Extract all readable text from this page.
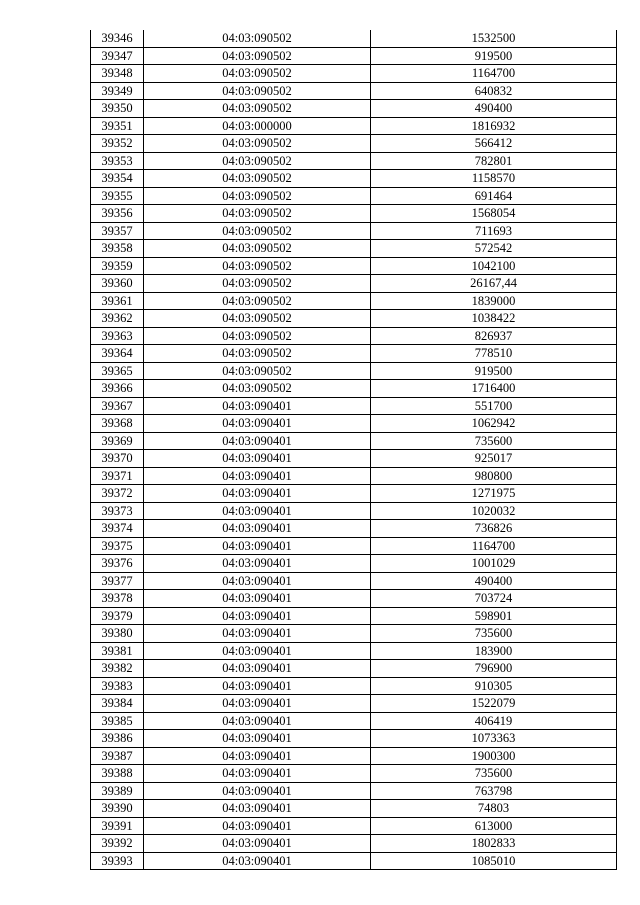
39346	04:03:090502	1532500
39347	04:03:090502	919500
39348	04:03:090502	1164700
39349	04:03:090502	640832
39350	04:03:090502	490400
39351	04:03:000000	1816932
39352	04:03:090502	566412
39353	04:03:090502	782801
39354	04:03:090502	1158570
39355	04:03:090502	691464
39356	04:03:090502	1568054
39357	04:03:090502	711693
39358	04:03:090502	572542
39359	04:03:090502	1042100
39360	04:03:090502	26167,44
39361	04:03:090502	1839000
39362	04:03:090502	1038422
39363	04:03:090502	826937
39364	04:03:090502	778510
39365	04:03:090502	919500
39366	04:03:090502	1716400
39367	04:03:090401	551700
39368	04:03:090401	1062942
39369	04:03:090401	735600
39370	04:03:090401	925017
39371	04:03:090401	980800
39372	04:03:090401	1271975
39373	04:03:090401	1020032
39374	04:03:090401	736826
39375	04:03:090401	1164700
39376	04:03:090401	1001029
39377	04:03:090401	490400
39378	04:03:090401	703724
39379	04:03:090401	598901
39380	04:03:090401	735600
39381	04:03:090401	183900
39382	04:03:090401	796900
39383	04:03:090401	910305
39384	04:03:090401	1522079
39385	04:03:090401	406419
39386	04:03:090401	1073363
39387	04:03:090401	1900300
39388	04:03:090401	735600
39389	04:03:090401	763798
39390	04:03:090401	74803
39391	04:03:090401	613000
39392	04:03:090401	1802833
39393	04:03:090401	1085010
